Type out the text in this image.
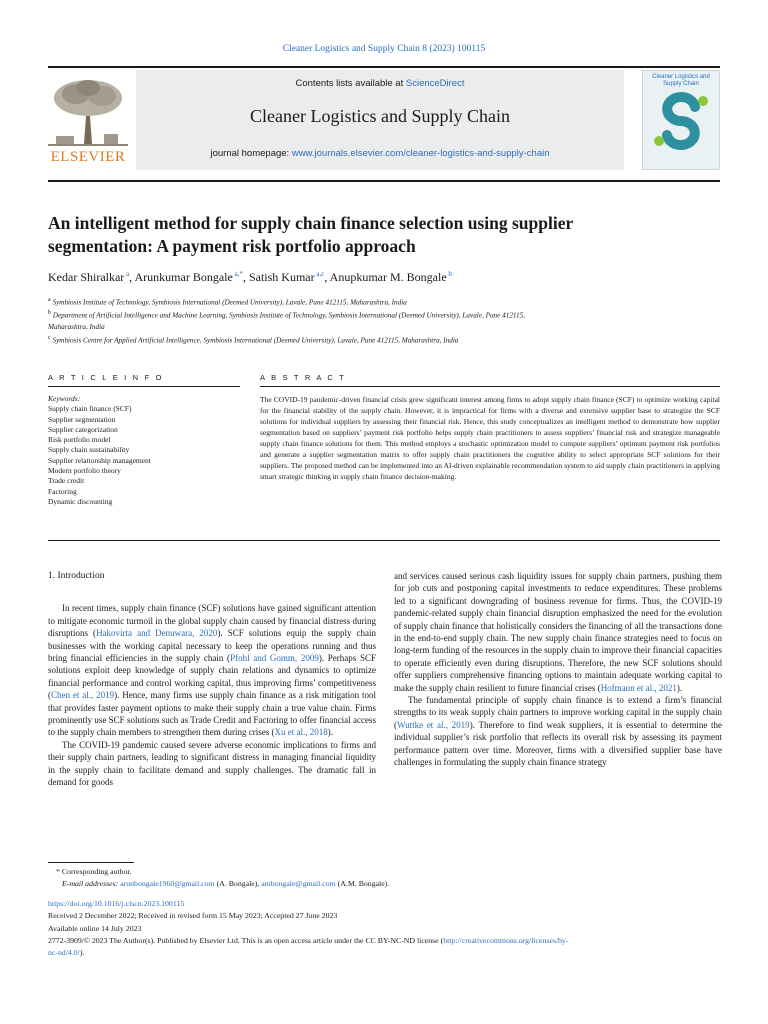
Cleaner Logistics and Supply Chain 8 (2023) 100115
ELSEVIER
Contents lists available at ScienceDirect
Cleaner Logistics and Supply Chain
journal homepage: www.journals.elsevier.com/cleaner-logistics-and-supply-chain
Cleaner Logistics and Supply Chain
An intelligent method for supply chain finance selection using supplier
segmentation: A payment risk portfolio approach
Kedar Shiralkar $^a$, Arunkumar Bongale $^{a,*}$, Satish Kumar $^{a,c}$, Anupkumar M. Bongale $^b$
$^a$ Symbiosis Institute of Technology, Symbiosis International (Deemed University), Lavale, Pune 412115, Maharashtra, India
$^b$ Department of Artificial Intelligence and Machine Learning, Symbiosis Institute of Technology, Symbiosis International (Deemed University), Lavale, Pune 412115,
Maharashtra, India
$^c$ Symbiosis Centre for Applied Artificial Intelligence, Symbiosis International (Deemed University), Lavale, Pune 412115, Maharashtra, India
A R T I C L E I N F O	A B S T R A C T
Keywords:
Supply chain finance (SCF)
Supplier segmentation
Supplier categorization
Risk portfolio model
Supply chain sustainability
Supplier relationship management
Modern portfolio theory
Trade credit
Factoring
Dynamic discounting
The COVID-19 pandemic-driven financial crisis grew significant interest among firms to adopt supply chain finance (SCF) to optimize working capital for the financial stability of the supply chain. However, it is impractical for firms with a diverse and extensive supplier base to strategize the SCF solutions for individual suppliers by assessing their financial risk. Hence, this study conceptualizes an intelligent method to demonstrate how supplier segmentation based on suppliers’ payment risk portfolio helps supply chain practitioners to assess suppliers’ financial risk and strategize manageable supply chain finance solutions for them. This method employs a stochastic optimization model to compute suppliers’ optimum payment risk portfolios and generate a supplier segmentation matrix to offer supply chain practitioners the cognitive ability to select appropriate SCF solutions for their suppliers. The proposed method can be implemented into an AI-driven explainable recommendation system to aid supply chain practitioners in applying smart strategic thinking in supply chain finance decision-making.

1. Introduction

In recent times, supply chain finance (SCF) solutions have gained significant attention to mitigate economic turmoil in the global supply chain caused by financial distress during disruptions (Hakovirta and Denuwara, 2020). SCF solutions equip the supply chain businesses with the working capital necessary to keep the operations running and thus bring financial efficiencies in the supply chain (Pfohl and Gomm, 2009). Perhaps SCF solutions exploit deep knowledge of supply chain relations and dynamics to optimize financial performance and control working capital, thus improving firms’ competitiveness (Chen et al., 2019). Hence, many firms use supply chain finance as a risk mitigation tool that provides faster payment options to make their supply chain a true value chain. Firms prominently use SCF solutions such as Trade Credit and Factoring to offer financial access to the supply chain members to strengthen them during crises (Xu et al., 2018).

The COVID-19 pandemic caused severe adverse economic implications to firms and their supply chain partners, leading to significant distress in managing financial liquidity in the supply chain to facilitate demand and supply challenges. The dramatic fall in demand for goods

and services caused serious cash liquidity issues for supply chain partners, pushing them for job cuts and postponing capital investments to reduce expenditures. These problems led to a significant downgrading of business revenue for firms. Thus, the COVID-19 pandemic-related supply chain financial disruption emphasized the need for the evolution of supply chain finance that holistically considers the financing of all the transactions done in the end-to-end supply chain. The new supply chain finance strategies need to focus on long-term funding of the resources in the supply chain to improve their financial capacities to operate efficiently even during disruptions. Therefore, the new SCF solutions should offer suppliers comprehensive financing options to maintain adequate working capital to make the supply chain resilient to future financial crises (Hofmann et al., 2021).

The fundamental principle of supply chain finance is to extend a firm’s financial strengths to its weak supply chain partners to improve working capital in the supply chain (Wuttke et al., 2019). Therefore to find weak suppliers, it is essential to determine the individual supplier’s risk portfolio that reflects its overall risk by assessing its payment performance pattern over time. Moreover, firms with a diversified supplier base have challenges in formulating the supply chain finance strategy

* Corresponding author.
E-mail addresses: arunbongale1960@gmail.com (A. Bongale), ambongale@gmail.com (A.M. Bongale).
https://doi.org/10.1016/j.clscn.2023.100115
Received 2 December 2022; Received in revised form 15 May 2023; Accepted 27 June 2023
Available online 14 July 2023
2772-3909/© 2023 The Author(s). Published by Elsevier Ltd. This is an open access article under the CC BY-NC-ND license (http://creativecommons.org/licenses/by-
nc-nd/4.0/).
